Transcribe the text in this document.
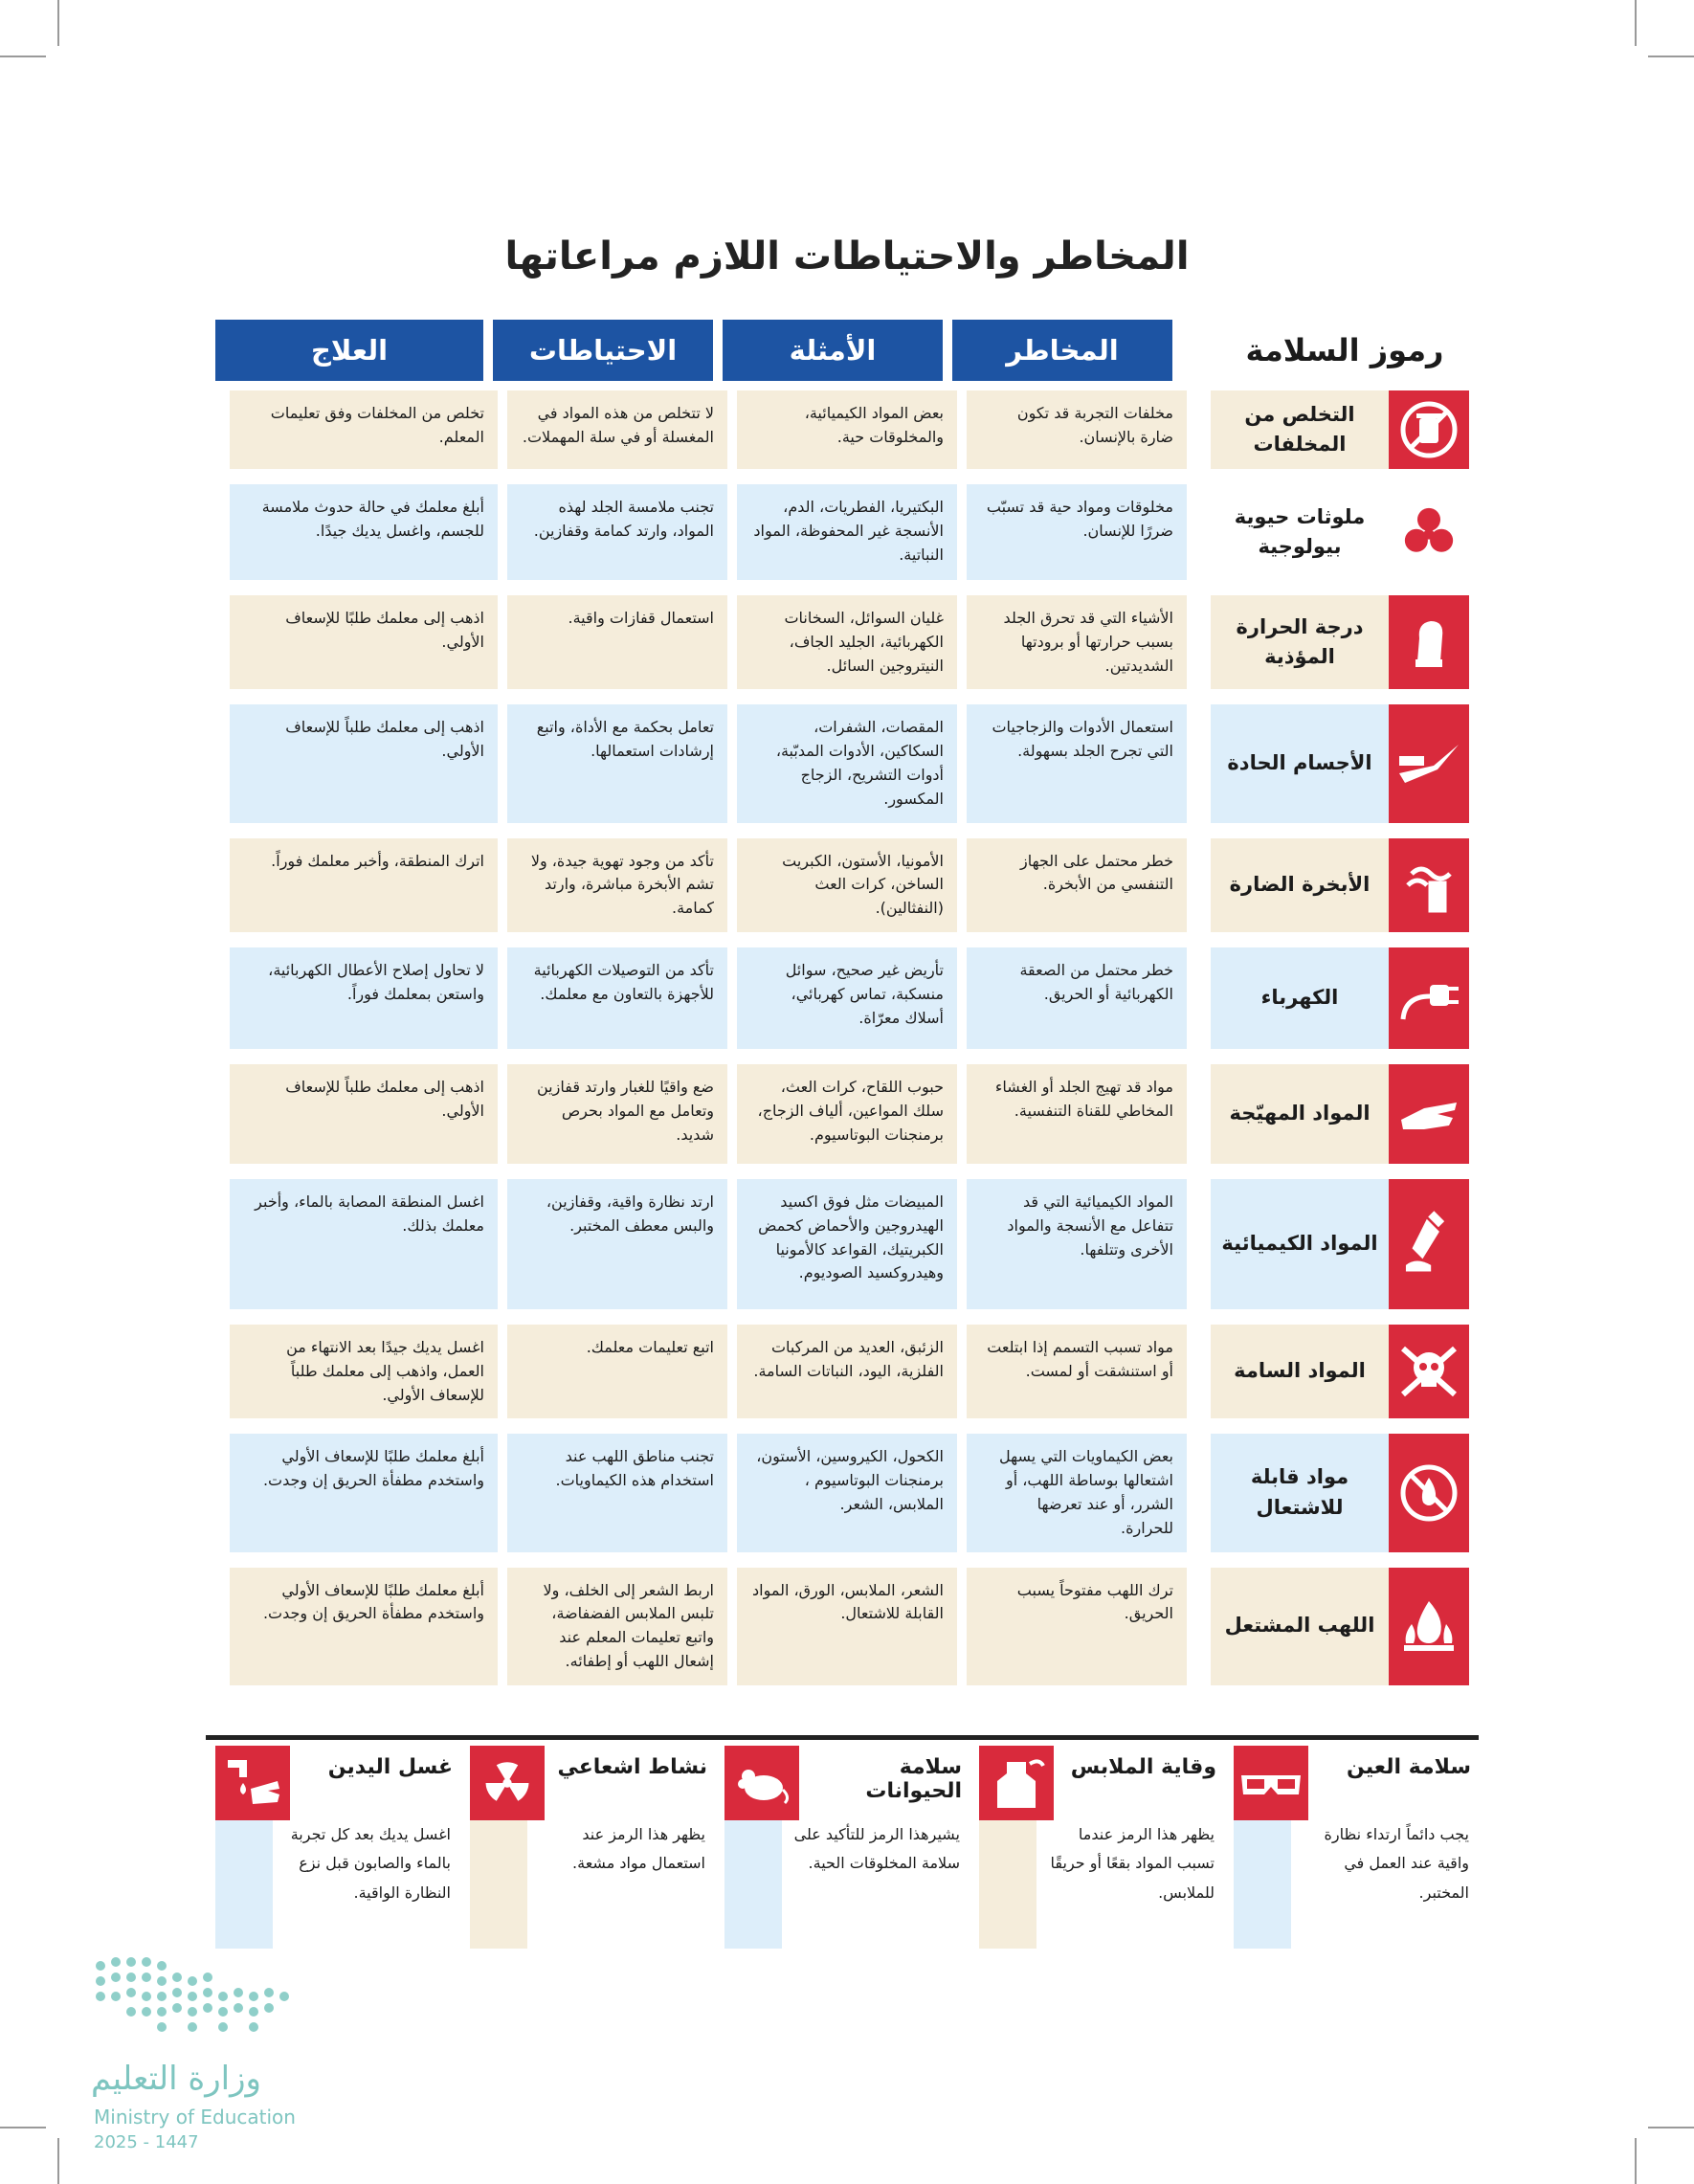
المخاطر والاحتياطات اللازم مراعاتها
رموز السلامة
المخاطر
الأمثلة
الاحتياطات
العلاج
التخلص من المخلفات
مخلفات التجربة قد تكون ضارة بالإنسان.
بعض المواد الكيميائية، والمخلوقات حية.
لا تتخلص من هذه المواد في المغسلة أو في سلة المهملات.
تخلص من المخلفات وفق تعليمات المعلم.
ملوثات حيوية بيولوجية
مخلوقات ومواد حية قد تسبّب ضررًا للإنسان.
البكتيريا، الفطريات، الدم، الأنسجة غير المحفوظة، المواد النباتية.
تجنب ملامسة الجلد لهذه المواد، وارتد كمامة وقفازين.
أبلغ معلمك في حالة حدوث ملامسة للجسم، واغسل يديك جيدًا.
درجة الحرارة المؤذية
الأشياء التي قد تحرق الجلد بسبب حرارتها أو برودتها الشديدتين.
غليان السوائل، السخانات الكهربائية، الجليد الجاف، النيتروجين السائل.
استعمال قفازات واقية.
اذهب إلى معلمك طلبًا للإسعاف الأولي.
الأجسام الحادة
استعمال الأدوات والزجاجيات التي تجرح الجلد بسهولة.
المقصات، الشفرات، السكاكين، الأدوات المدبّبة، أدوات التشريح، الزجاج المكسور.
تعامل بحكمة مع الأداة، واتبع إرشادات استعمالها.
اذهب إلى معلمك طلباً للإسعاف الأولي.
الأبخرة الضارة
خطر محتمل على الجهاز التنفسي من الأبخرة.
الأمونيا، الأستون، الكبريت الساخن، كرات العث (النفثالين).
تأكد من وجود تهوية جيدة، ولا تشم الأبخرة مباشرة، وارتد كمامة.
اترك المنطقة، وأخبر معلمك فوراً.
الكهرباء
خطر محتمل من الصعقة الكهربائية أو الحريق.
تأريض غير صحيح، سوائل منسكبة، تماس كهربائي، أسلاك معرّاة.
تأكد من التوصيلات الكهربائية للأجهزة بالتعاون مع معلمك.
لا تحاول إصلاح الأعطال الكهربائية، واستعن بمعلمك فوراً.
المواد المهيّجة
مواد قد تهيج الجلد أو الغشاء المخاطي للقناة التنفسية.
حبوب اللقاح، كرات العث، سلك المواعين، ألياف الزجاج، برمنجنات البوتاسيوم.
ضع واقيًا للغبار وارتد قفازين وتعامل مع المواد بحرص شديد.
اذهب إلى معلمك طلباً للإسعاف الأولي.
المواد الكيميائية
المواد الكيميائية التي قد تتفاعل مع الأنسجة والمواد الأخرى وتتلفها.
المبيضات مثل فوق اكسيد الهيدروجين والأحماض كحمض الكبريتيك، القواعد كالأمونيا وهيدروكسيد الصوديوم.
ارتد نظارة واقية، وقفازين، والبس معطف المختبر.
اغسل المنطقة المصابة بالماء، وأخبر معلمك بذلك.
المواد السامة
مواد تسبب التسمم إذا ابتلعت أو استنشقت أو لمست.
الزئبق، العديد من المركبات الفلزية، اليود، النباتات السامة.
اتبع تعليمات معلمك.
اغسل يديك جيدًا بعد الانتهاء من العمل، واذهب إلى معلمك طلباً للإسعاف الأولي.
مواد قابلة للاشتعال
بعض الكيماويات التي يسهل اشتعالها بوساطة اللهب، أو الشرر، أو عند تعرضها للحرارة.
الكحول، الكيروسين، الأستون، برمنجنات البوتاسيوم ، الملابس، الشعر.
تجنب مناطق اللهب عند استخدام هذه الكيماويات.
أبلغ معلمك طلبًا للإسعاف الأولي واستخدم مطفأة الحريق إن وجدت.
اللهب المشتعل
ترك اللهب مفتوحاً يسبب الحريق.
الشعر، الملابس، الورق، المواد القابلة للاشتعال.
اربط الشعر إلى الخلف، ولا تلبس الملابس الفضفاضة، واتبع تعليمات المعلم عند إشعال اللهب أو إطفائه.
أبلغ معلمك طلبًا للإسعاف الأولي واستخدم مطفأة الحريق إن وجدت.
سلامة العين
يجب دائماً ارتداء نظارة واقية عند العمل في المختبر.
وقاية الملابس
يظهر هذا الرمز عندما تسبب المواد بقعًا أو حريقًا للملابس.
سلامة الحيوانات
يشيرهذا الرمز للتأكيد على سلامة المخلوقات الحية.
نشاط اشعاعي
يظهر هذا الرمز عند استعمال مواد مشعة.
غسل اليدين
اغسل يديك بعد كل تجربة بالماء والصابون قبل نزع النظارة الواقية.
وزارة التعليم
Ministry of Education
2025 - 1447
